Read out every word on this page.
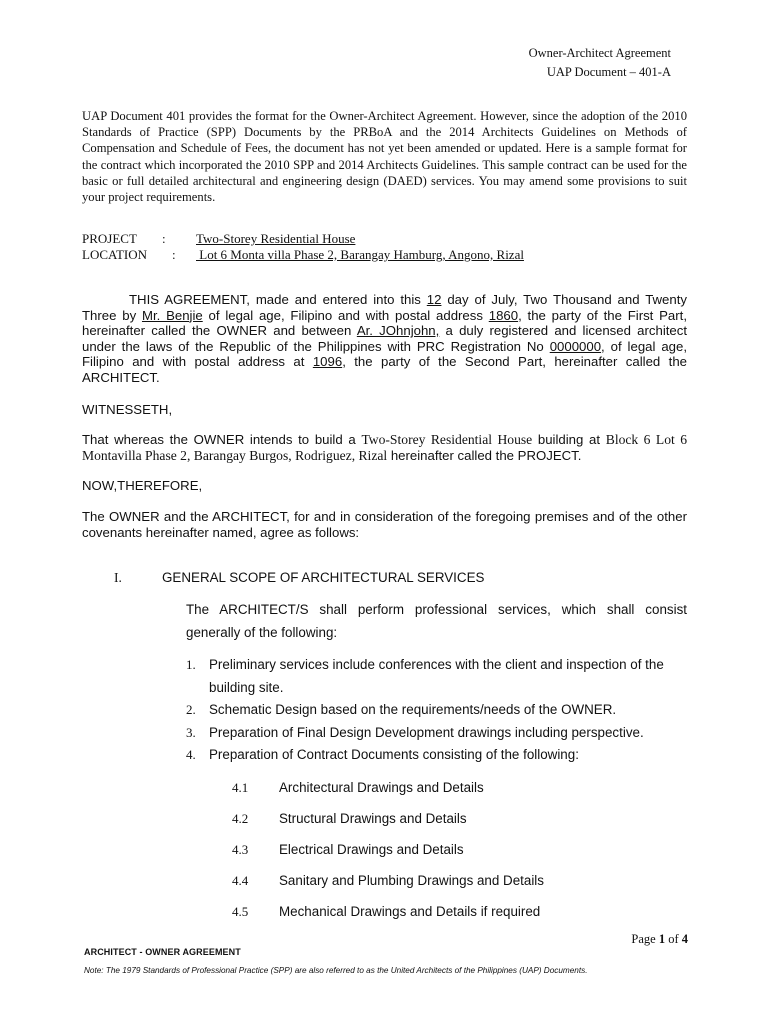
Owner-Architect Agreement
UAP Document – 401-A
UAP Document 401 provides the format for the Owner-Architect Agreement. However, since the adoption of the 2010 Standards of Practice (SPP) Documents by the PRBoA and the 2014 Architects Guidelines on Methods of Compensation and Schedule of Fees, the document has not yet been amended or updated. Here is a sample format for the contract which incorporated the 2010 SPP and 2014 Architects Guidelines. This sample contract can be used for the basic or full detailed architectural and engineering design (DAED) services. You may amend some provisions to suit your project requirements.
PROJECT	:	Two-Storey Residential House
LOCATION	:	Lot 6 Monta villa Phase 2, Barangay Hamburg, Angono, Rizal
THIS AGREEMENT, made and entered into this 12 day of July, Two Thousand and Twenty Three by Mr. Benjie of legal age, Filipino and with postal address 1860, the party of the First Part, hereinafter called the OWNER and between Ar. JOhnjohn, a duly registered and licensed architect under the laws of the Republic of the Philippines with PRC Registration No 0000000, of legal age, Filipino and with postal address at 1096, the party of the Second Part, hereinafter called the ARCHITECT.
WITNESSETH,
That whereas the OWNER intends to build a Two-Storey Residential House building at Block 6 Lot 6 Montavilla Phase 2, Barangay Burgos, Rodriguez, Rizal hereinafter called the PROJECT.
NOW,THEREFORE,
The OWNER and the ARCHITECT, for and in consideration of the foregoing premises and of the other covenants hereinafter named, agree as follows:
I.	GENERAL SCOPE OF ARCHITECTURAL SERVICES
The ARCHITECT/S shall perform professional services, which shall consist generally of the following:
1. Preliminary services include conferences with the client and inspection of the building site.
2. Schematic Design based on the requirements/needs of the OWNER.
3. Preparation of Final Design Development drawings including perspective.
4. Preparation of Contract Documents consisting of the following:
4.1	Architectural Drawings and Details
4.2	Structural Drawings and Details
4.3	Electrical Drawings and Details
4.4	Sanitary and Plumbing Drawings and Details
4.5	Mechanical Drawings and Details if required
Page 1 of 4
ARCHITECT - OWNER AGREEMENT
Note: The 1979 Standards of Professional Practice (SPP) are also referred to as the United Architects of the Philippines (UAP) Documents.
